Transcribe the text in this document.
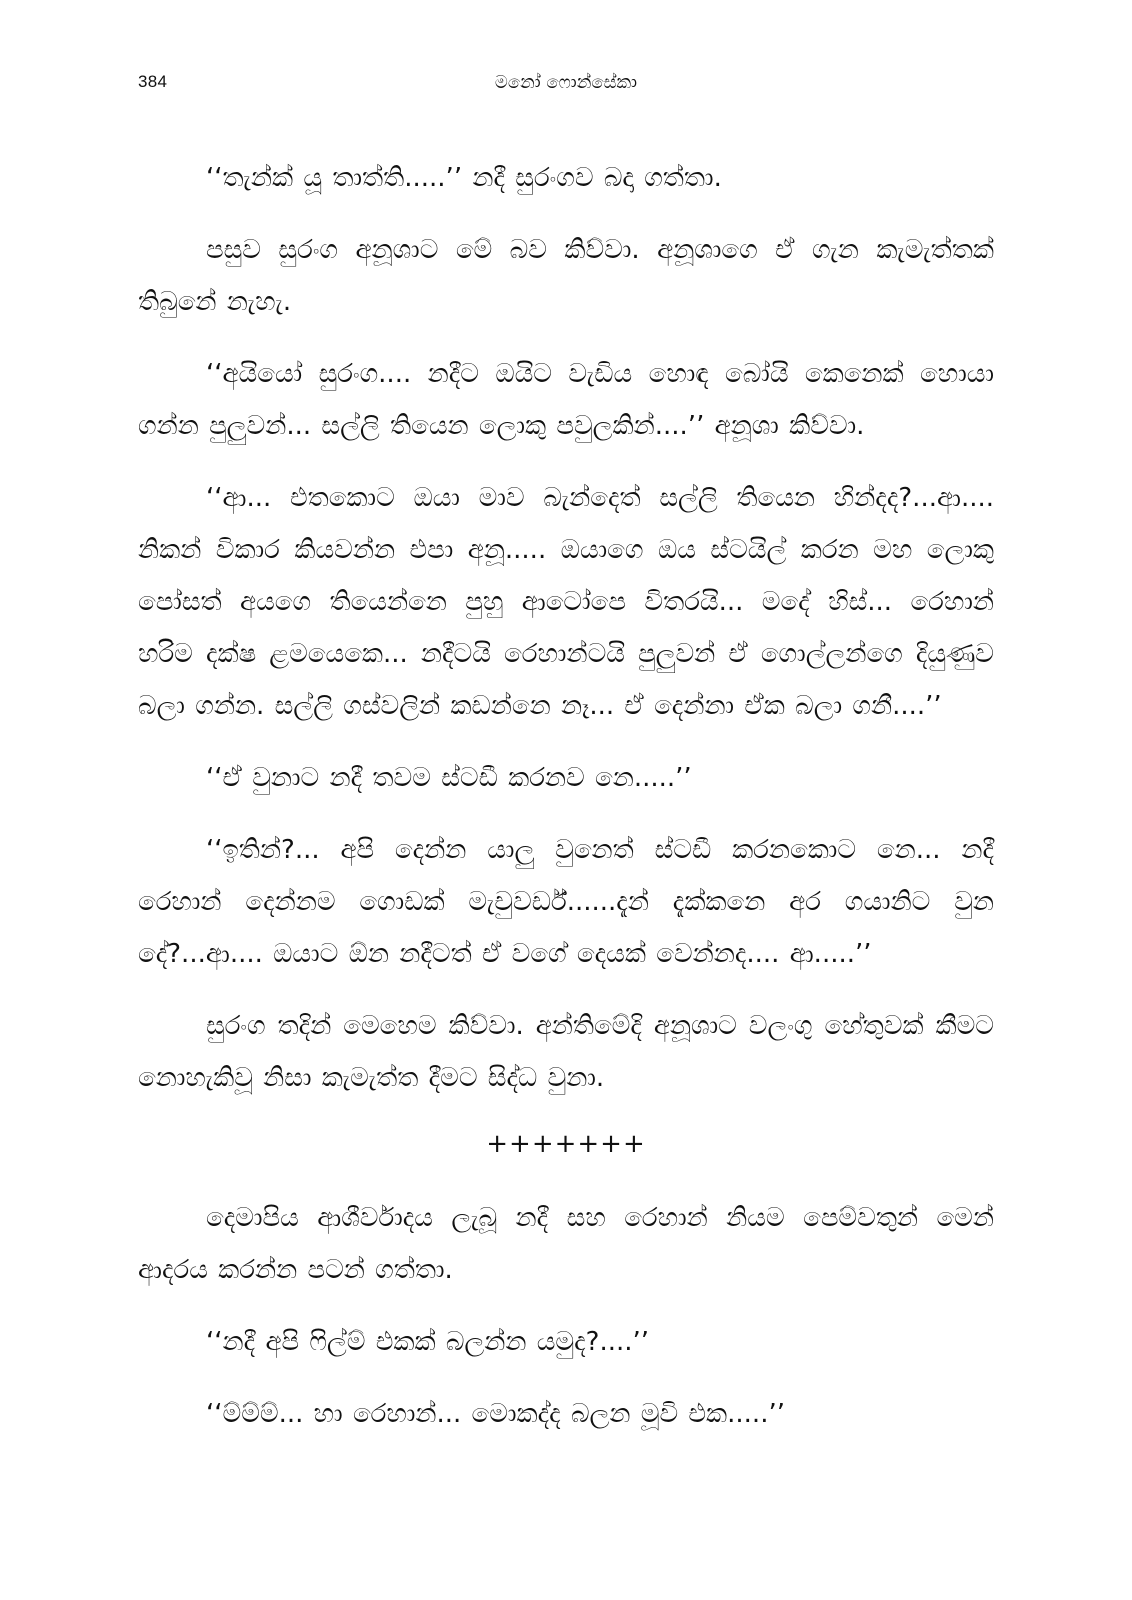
384	මනෝ ෆොන්සේකා

‘‘තැන්ක් යූ තාත්ති.....’’ නදී සුරංගව බදා ගත්තා.

පසුව සුරංග අනූශාට මේ බව කිව්වා. අනූශාගෙ ඒ ගැන කැමැත්තක් තිබුනේ නැහැ.

‘‘අයියෝ සුරංග.... නදීට ඔයිට වැඩිය හොඳ බෝයි කෙනෙක් හොයා ගන්න පුලුවන්... සල්ලි තියෙන ලොකු පවුලකින්....’’ අනූශා කිව්වා.

‘‘ආ... එතකොට ඔයා මාව බැන්දෙත් සල්ලි තියෙන හින්දද?...ආ.... නිකන් විකාර කියවන්න එපා අනූ..... ඔයාගෙ ඔය ස්ටයිල් කරන මහ ලොකු පෝසත් අයගෙ තියෙන්නෙ පුහු ආටෝපෙ විතරයි... මදේ හිස්... රෙහාන් හරිම දක්ෂ ළමයෙකෙ... නදීටයි රෙහාන්ටයි පුලුවන් ඒ ගොල්ලන්ගෙ දියුණුව බලා ගන්න. සල්ලි ගස්වලින් කඩන්නෙ නෑ... ඒ දෙන්නා ඒක බලා ගනී....’’

‘‘ඒ වුනාට නදී තවම ස්ටඩී කරනව නෙ.....’’

‘‘ඉතින්?... අපි දෙන්න යාලු වුනෙත් ස්ටඩී කරනකොට නෙ... නදී රෙහාන් දෙන්නම ගොඩක් මැචුවර්ඩ්......දැන් දැක්කනෙ අර ගයානිට වුන දේ?...ආ.... ඔයාට ඕන නදීටත් ඒ වගේ දෙයක් වෙන්නද.... ආ.....’’

සුරංග තදින් මෙහෙම කිව්වා. අන්තිමේදි අනූශාට වලංගු හේතුවක් කීමට නොහැකිවූ නිසා කැමැත්ත දීමට සිද්ධ වුනා.

+++++++

දෙමාපිය ආශීර්වාදය ලැබූ නදී සහ රෙහාන් නියම පෙම්වතුන් මෙන් ආදරය කරන්න පටන් ගත්තා.

‘‘නදී අපි ෆිල්ම් එකක් බලන්න යමුද?....’’

‘‘ම්ම්ම්... හා රෙහාන්... මොකද්ද බලන මූවි එක.....’’
